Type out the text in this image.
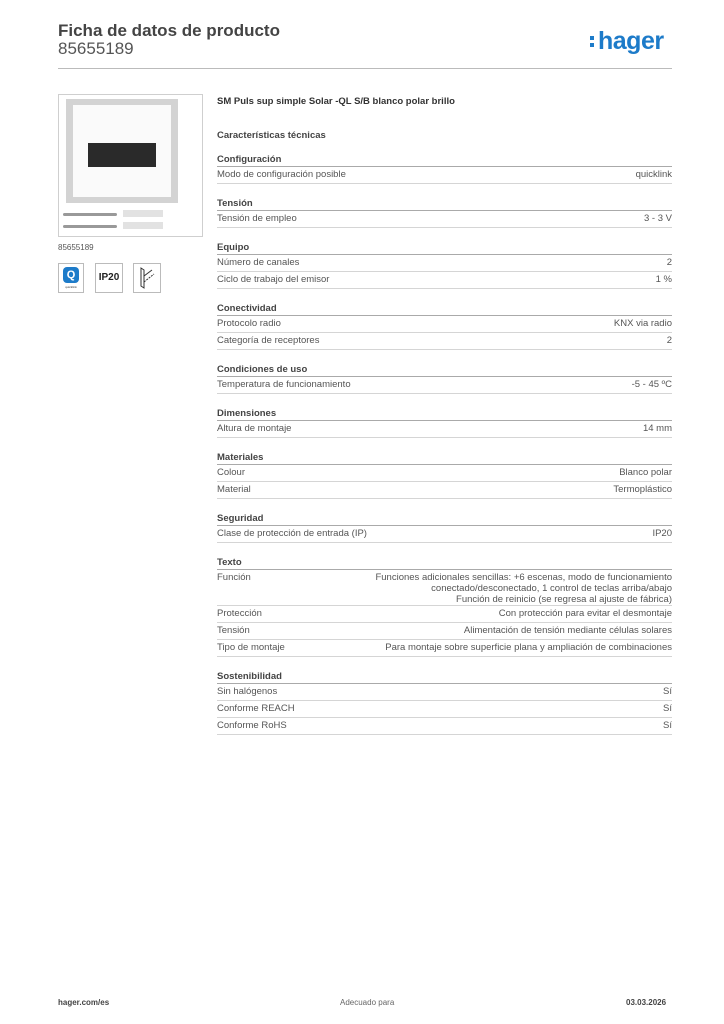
Ficha de datos de producto
85655189	hager
85655189
Q
quicklink
IP20
SM Puls sup simple Solar -QL S/B blanco polar brillo
Características técnicas
Configuración
Modo de configuración posible	quicklink
Tensión
Tensión de empleo	3 - 3 V
Equipo
Número de canales	2
Ciclo de trabajo del emisor	1 %
Conectividad
Protocolo radio	KNX via radio
Categoría de receptores	2
Condiciones de uso
Temperatura de funcionamiento	-5 - 45 ºC
Dimensiones
Altura de montaje	14 mm
Materiales
Colour	Blanco polar
Material	Termoplástico
Seguridad
Clase de protección de entrada (IP)	IP20
Texto
Función	Funciones adicionales sencillas: +6 escenas, modo de funcionamiento
conectado/desconectado, 1 control de teclas arriba/abajo
Función de reinicio (se regresa al ajuste de fábrica)
Protección	Con protección para evitar el desmontaje
Tensión	Alimentación de tensión mediante células solares
Tipo de montaje	Para montaje sobre superficie plana y ampliación de combinaciones
Sostenibilidad
Sin halógenos	Sí
Conforme REACH	Sí
Conforme RoHS	Sí
hager.com/es	Adecuado para	03.03.2026
